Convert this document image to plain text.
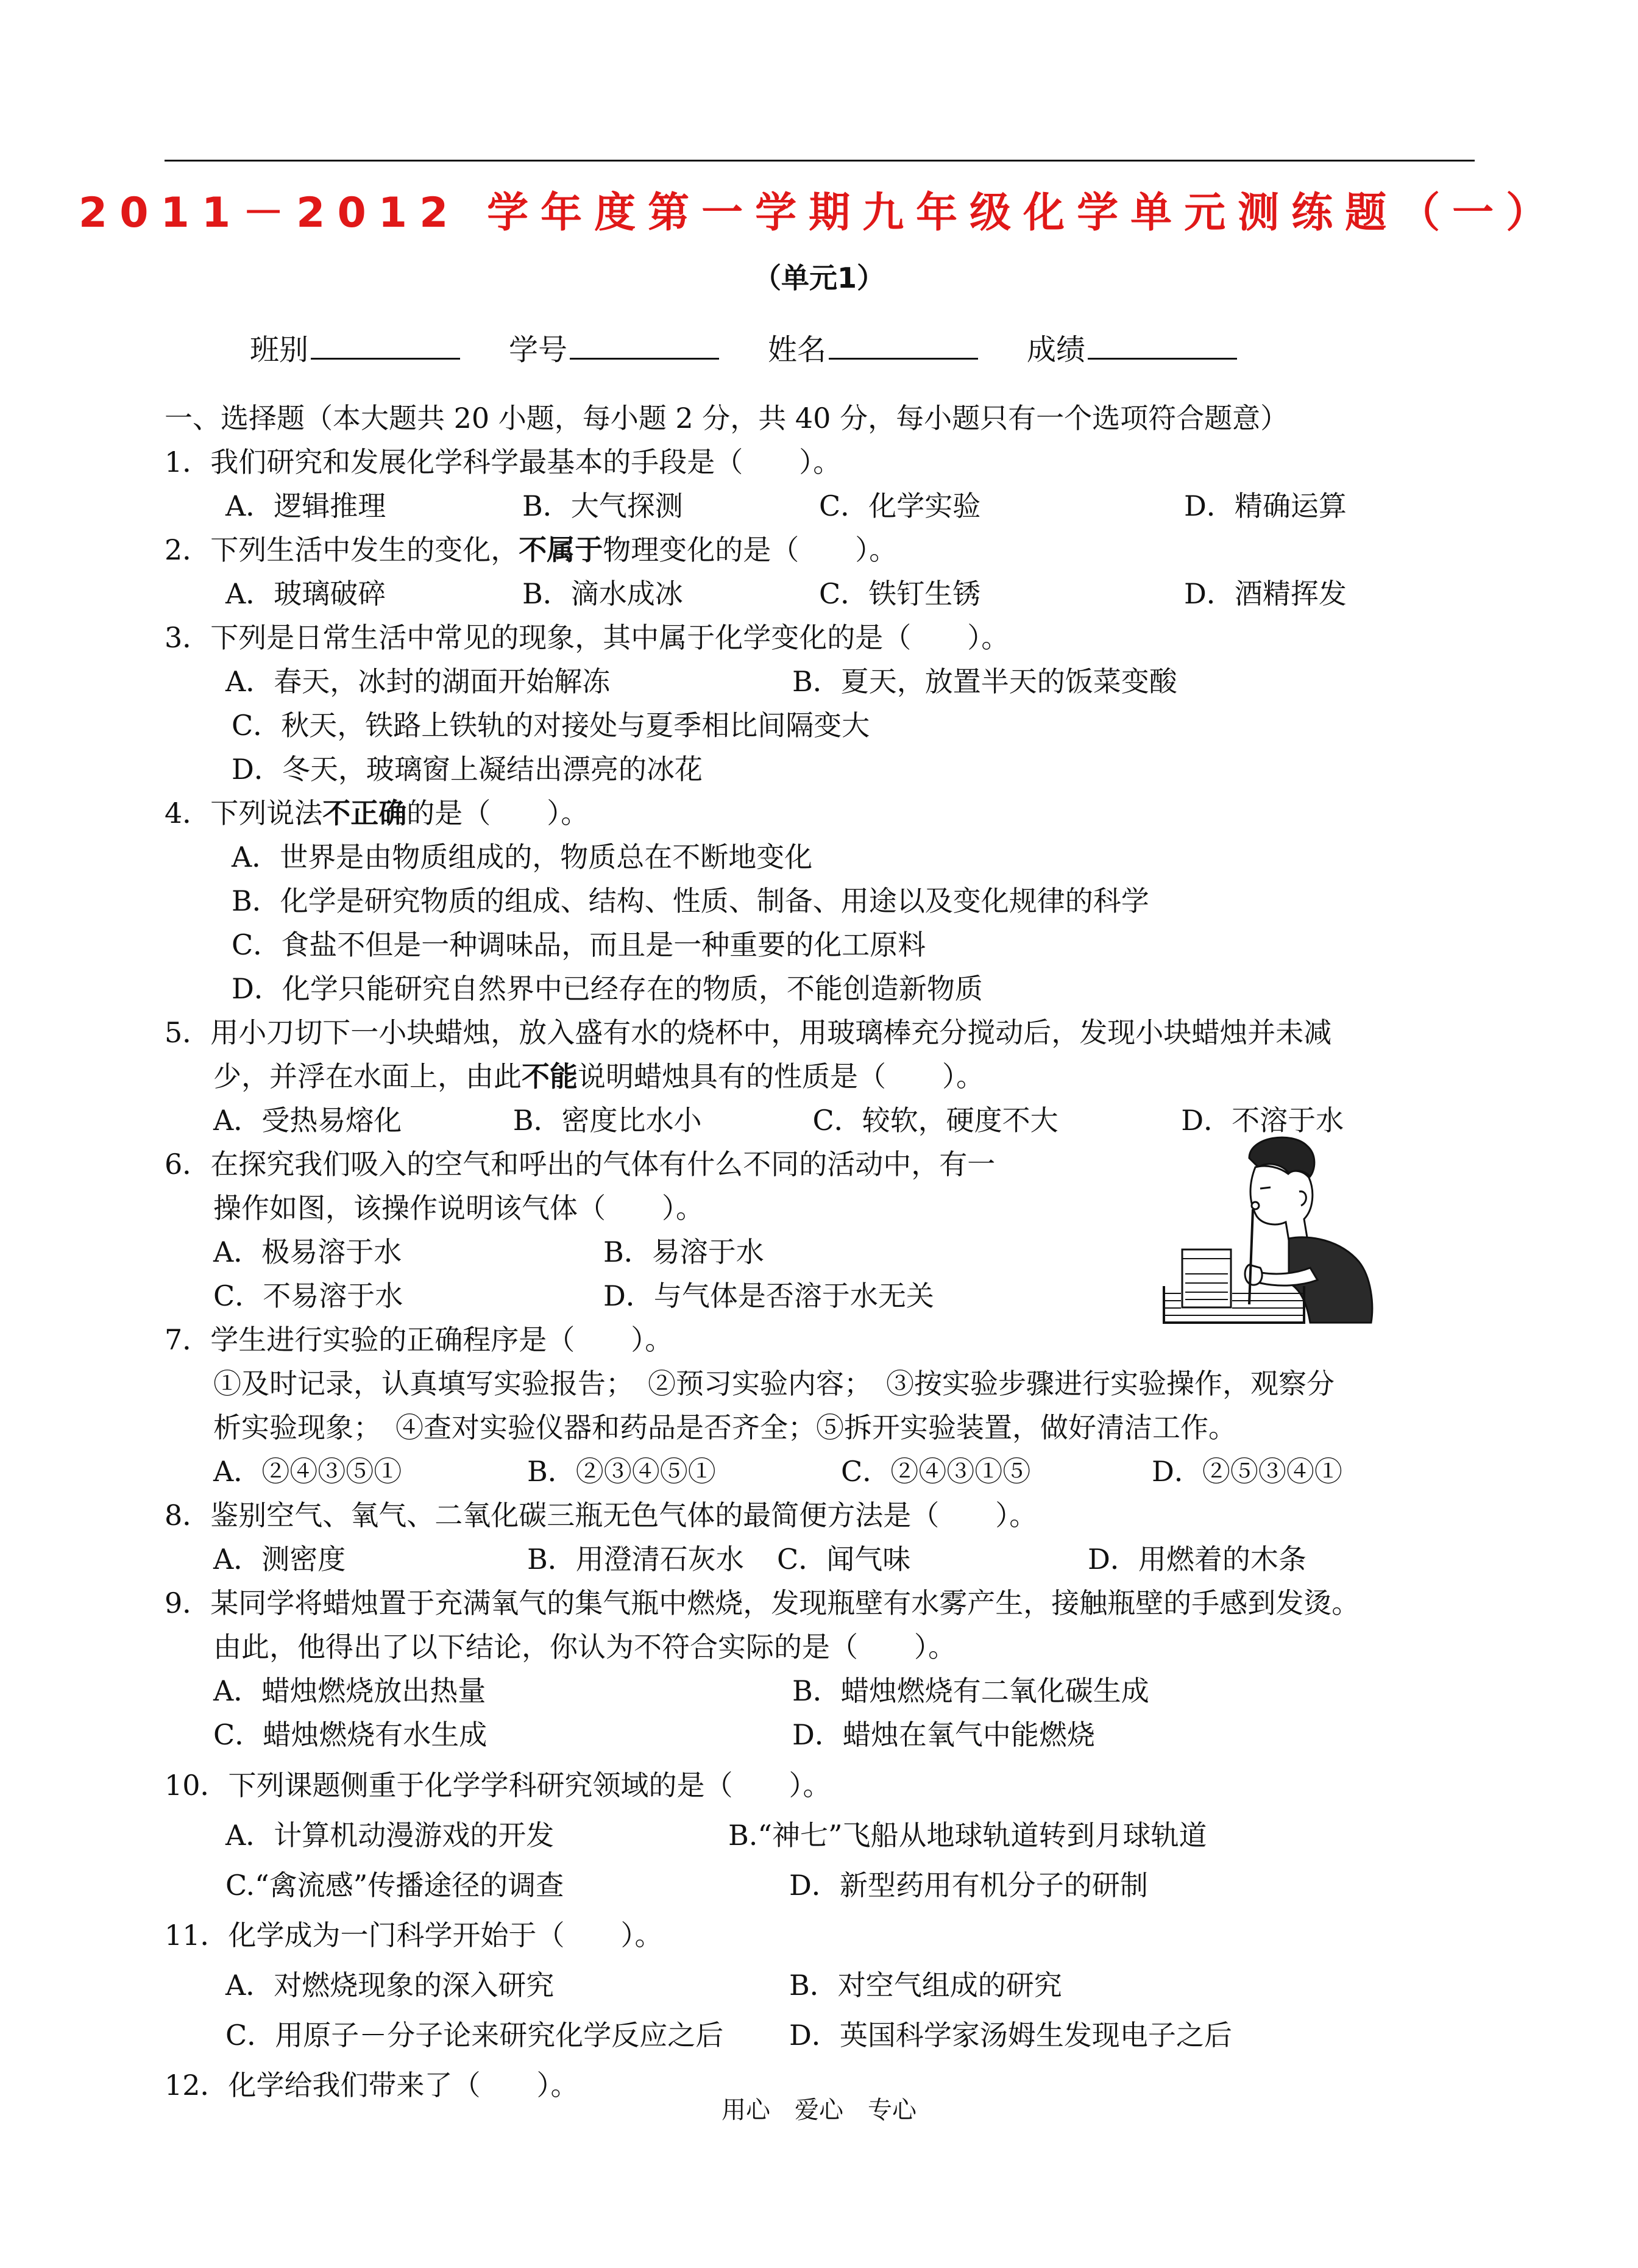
2011－2012 学年度第一学期九年级化学单元测练题（一）
（单元1）
班别	学号	姓名	成绩
一、选择题（本大题共 20 小题，每小题 2 分，共 40 分，每小题只有一个选项符合题意）
1．我们研究和发展化学科学最基本的手段是（　　）。
A．逻辑推理	B．大气探测	C．化学实验	D．精确运算
2．下列生活中发生的变化，不属于物理变化的是（　　）。
A．玻璃破碎	B．滴水成冰	C．铁钉生锈	D．酒精挥发
3．下列是日常生活中常见的现象，其中属于化学变化的是（　　）。
A．春天，冰封的湖面开始解冻	B．夏天，放置半天的饭菜变酸
C．秋天，铁路上铁轨的对接处与夏季相比间隔变大
D．冬天，玻璃窗上凝结出漂亮的冰花
4．下列说法不正确的是（　　）。
A．世界是由物质组成的，物质总在不断地变化
B．化学是研究物质的组成、结构、性质、制备、用途以及变化规律的科学
C．食盐不但是一种调味品，而且是一种重要的化工原料
D．化学只能研究自然界中已经存在的物质，不能创造新物质
5．用小刀切下一小块蜡烛，放入盛有水的烧杯中，用玻璃棒充分搅动后，发现小块蜡烛并未减
少，并浮在水面上，由此不能说明蜡烛具有的性质是（　　）。
A．受热易熔化	B．密度比水小	C．较软，硬度不大	D．不溶于水
6．在探究我们吸入的空气和呼出的气体有什么不同的活动中，有一
操作如图，该操作说明该气体（　　）。
A．极易溶于水	B．易溶于水
C．不易溶于水	D．与气体是否溶于水无关
7．学生进行实验的正确程序是（　　）。
①及时记录，认真填写实验报告；　②预习实验内容；　③按实验步骤进行实验操作，观察分
析实验现象；　④查对实验仪器和药品是否齐全；⑤拆开实验装置，做好清洁工作。
A．②④③⑤①	B．②③④⑤①	C．②④③①⑤	D．②⑤③④①
8．鉴别空气、氧气、二氧化碳三瓶无色气体的最简便方法是（　　）。
A．测密度	B．用澄清石灰水	C．闻气味	D．用燃着的木条
9．某同学将蜡烛置于充满氧气的集气瓶中燃烧，发现瓶壁有水雾产生，接触瓶壁的手感到发烫。
由此，他得出了以下结论，你认为不符合实际的是（　　）。
A．蜡烛燃烧放出热量	B．蜡烛燃烧有二氧化碳生成
C．蜡烛燃烧有水生成	D．蜡烛在氧气中能燃烧
10．下列课题侧重于化学学科研究领域的是（　　）。
A．计算机动漫游戏的开发	B.“神七”飞船从地球轨道转到月球轨道
C.“禽流感”传播途径的调查	D．新型药用有机分子的研制
11．化学成为一门科学开始于（　　）。
A．对燃烧现象的深入研究	B．对空气组成的研究
C．用原子－分子论来研究化学反应之后	D．英国科学家汤姆生发现电子之后
12．化学给我们带来了（　　）。
用心　爱心　专心
